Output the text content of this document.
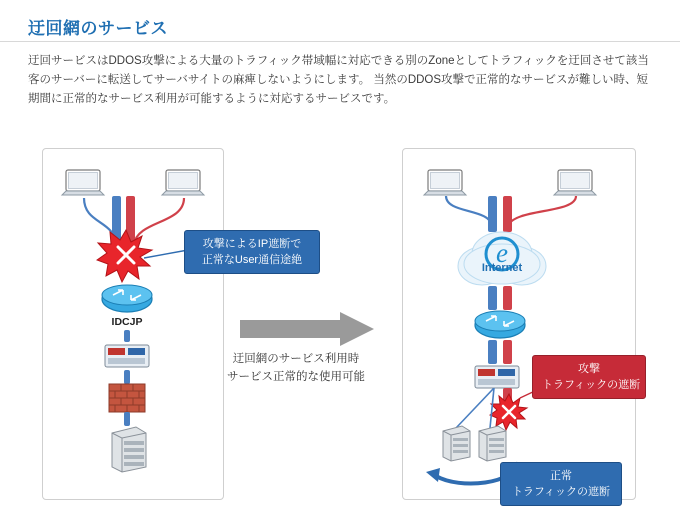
迂回網のサービス
迂回サービスはDDOS攻撃による大量のトラフィック帯域幅に対応できる別のZoneとしてトラフィックを迂回させて該当客のサーバーに転送してサーバサイトの麻痺しないようにします。 当然のDDOS攻撃で正常的なサービスが難しい時、短期間に正常的なサービス利用が可能するように対応するサービスです。
攻撃によるIP遮断で
正常なUser通信途絶
IDCJP
迂回網のサービス利用時
サービス正常的な使用可能
e
Internet
攻撃
トラフィックの遮断
正常
トラフィックの遮断
